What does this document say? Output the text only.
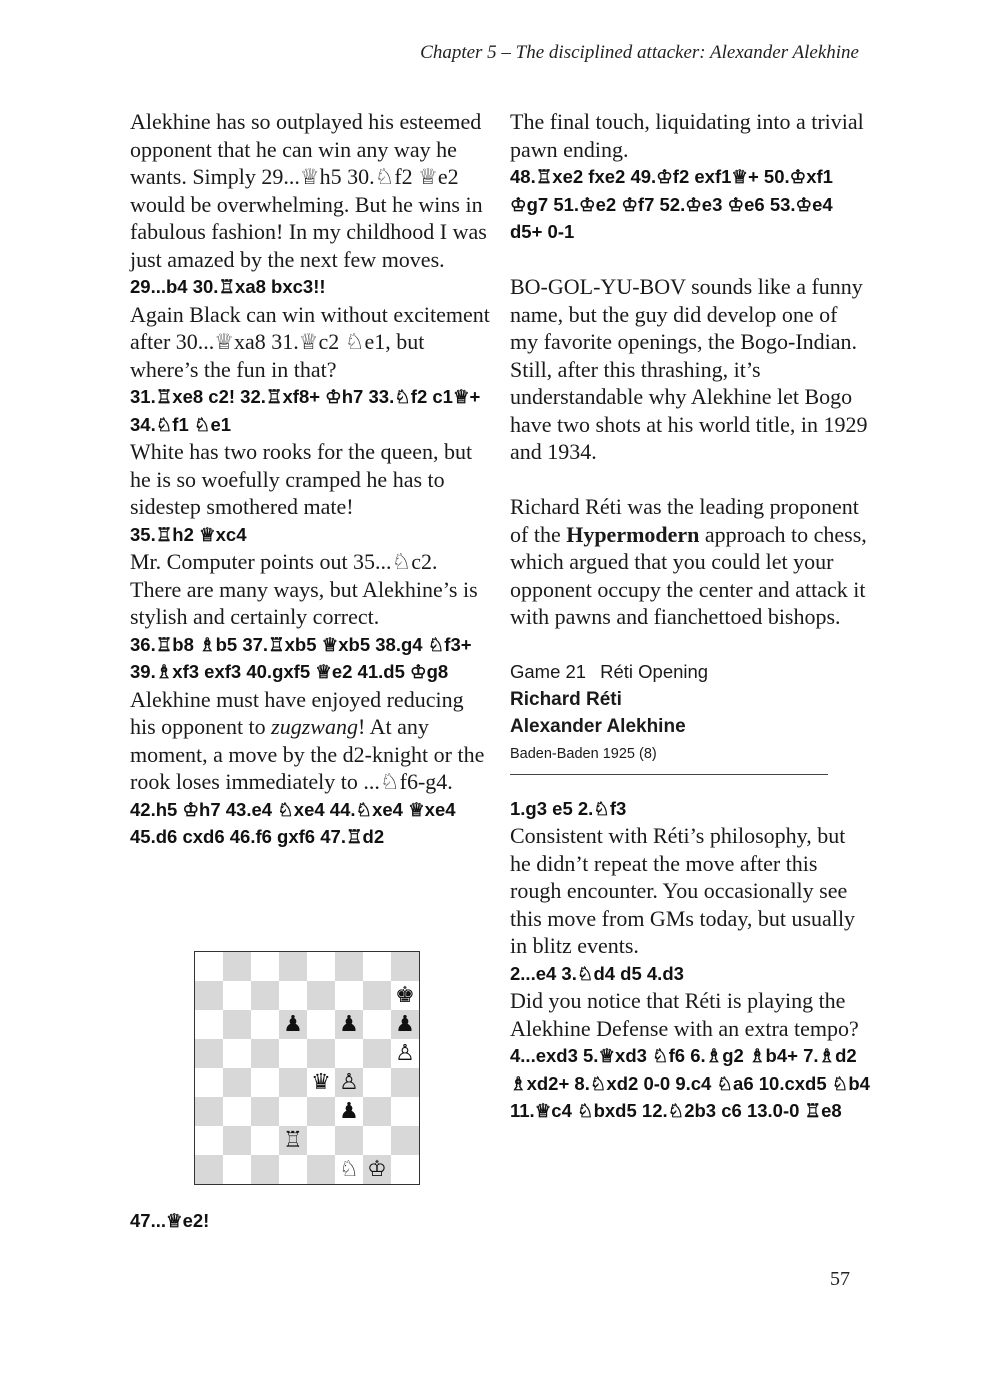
Chapter 5 – The disciplined attacker: Alexander Alekhine

Alekhine has so outplayed his esteemed opponent that he can win any way he wants. Simply 29...♕h5 30.♘f2 ♕e2 would be overwhelming. But he wins in fabulous fashion! In my childhood I was just amazed by the next few moves.

29...b4 30.♖xa8 bxc3!!

Again Black can win without excitement after 30...♕xa8 31.♕c2 ♘e1, but where’s the fun in that?

31.♖xe8 c2! 32.♖xf8+ ♔h7 33.♘f2 c1♕+ 34.♘f1 ♘e1

White has two rooks for the queen, but he is so woefully cramped he has to sidestep smothered mate!

35.♖h2 ♕xc4

Mr. Computer points out 35...♘c2. There are many ways, but Alekhine’s is stylish and certainly correct.

36.♖b8 ♗b5 37.♖xb5 ♕xb5 38.g4 ♘f3+ 39.♗xf3 exf3 40.gxf5 ♕e2 41.d5 ♔g8

Alekhine must have enjoyed reducing his opponent to zugzwang! At any moment, a move by the d2-knight or the rook loses immediately to ...♘f6-g4.

42.h5 ♔h7 43.e4 ♘xe4 44.♘xe4 ♕xe4 45.d6 cxd6 46.f6 gxf6 47.♖d2

♚
♟ ♟ ♟
♙
♛ ♙
♟
♖
♘ ♔
47...♕e2!

The final touch, liquidating into a trivial pawn ending.

48.♖xe2 fxe2 49.♔f2 exf1♕+ 50.♔xf1 ♔g7 51.♔e2 ♔f7 52.♔e3 ♔e6 53.♔e4 d5+ 0-1

BO-GOL-YU-BOV sounds like a funny name, but the guy did develop one of my favorite openings, the Bogo-Indian. Still, after this thrashing, it’s understandable why Alekhine let Bogo have two shots at his world title, in 1929 and 1934.

Richard Réti was the leading proponent of the Hypermodern approach to chess, which argued that you could let your opponent occupy the center and attack it with pawns and fianchettoed bishops.

Game 21 Réti Opening
Richard Réti
Alexander Alekhine
Baden-Baden 1925 (8)

1.g3 e5 2.♘f3

Consistent with Réti’s philosophy, but he didn’t repeat the move after this rough encounter. You occasionally see this move from GMs today, but usually in blitz events.

2...e4 3.♘d4 d5 4.d3

Did you notice that Réti is playing the Alekhine Defense with an extra tempo?

4...exd3 5.♕xd3 ♘f6 6.♗g2 ♗b4+ 7.♗d2 ♗xd2+ 8.♘xd2 0-0 9.c4 ♘a6 10.cxd5 ♘b4 11.♕c4 ♘bxd5 12.♘2b3 c6 13.0-0 ♖e8

57
